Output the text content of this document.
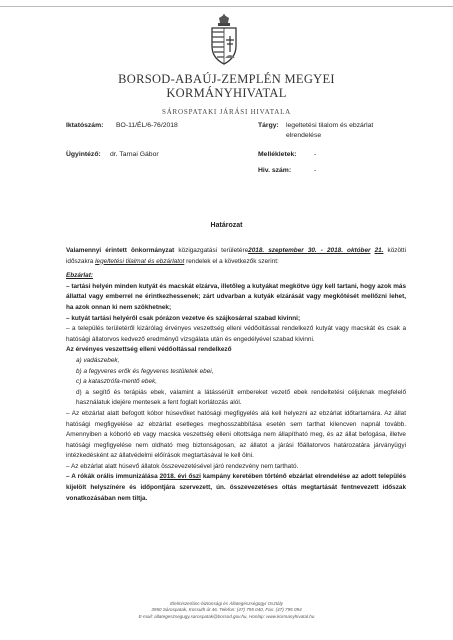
BORSOD-ABAÚJ-ZEMPLÉN MEGYEI
KORMÁNYHIVATAL
SÁROSPATAKI JÁRÁSI HIVATALA
Iktatószám: BO-11/ÉL/6-76/2018	Tárgy: legeltetési tilalom és ebzárlat
elrendelése
Ügyintéző: dr. Tarnai Gábor	Mellékletek:	-
Hiv. szám:	-
Határozat

Valamennyi érintett önkormányzat közigazgatási területére2018. szeptember 30. - 2018. október 21. közötti időszakra legeltetési tilalmat és ebzárlatot rendelek el a következők szerint:

Ebzárlat:

– tartási helyén minden kutyát és macskát elzárva, illetőleg a kutyákat megkötve úgy kell tartani, hogy azok más állattal vagy emberrel ne érintkezhessenek; zárt udvarban a kutyák elzárását vagy megkötését mellőzni lehet, ha azok onnan ki nem szökhetnek;

– kutyát tartási helyéről csak pórázon vezetve és szájkosárral szabad kivinni;

– a település területéről kizárólag érvényes veszettség elleni védőoltással rendelkező kutyát vagy macskát és csak a hatósági állatorvos kedvező eredményű vizsgálata után és engedélyével szabad kivinni.

Az érvényes veszettség elleni védőoltással rendelkező

a) vadászebek,

b) a fegyveres erők és fegyveres testületek ebei,

c) a katasztrófa-mentő ebek,

d) a segítő és terápiás ebek, valamint a látássérült embereket vezető ebek rendeltetési céljuknak megfelelő használatuk idejére mentesek a fent foglalt korlátozás alól.

– Az ebzárlat alatt befogott kóbor húsevőket hatósági megfigyelés alá kell helyezni az ebzárlat időtartamára. Az állat hatósági megfigyelése az ebzárlat esetleges meghosszabbítása esetén sem tarthat kilencven napnál tovább. Amennyiben a kóborló eb vagy macska veszettség elleni oltottsága nem állapítható meg, és az állat befogása, illetve hatósági megfigyelése nem oldható meg biztonságosan, az állatot a járási főállatorvos határozatára járványügyi intézkedésként az állatvédelmi előírások megtartásával le kell ölni.

– Az ebzárlat alatt húsevő állatok összevezetésével járó rendezvény nem tartható.

– A rókák orális immunizálása 2018. évi őszi kampány keretében történő ebzárlat elrendelése az adott település kijelölt helyszínére és időpontjára szervezett, ún. összevezetéses oltás megtartását fentnevezett időszak vonatkozásában nem tiltja.

Élelmiszerlánc-biztonsági és Állategészségügyi Osztály
3950 Sárospatak, Kossuth út 46. Telefon: (47) 795 040, Fax: (47) 795 094
E-mail: allategeszsegugy.sarospatak@borsod.gov.hu, Honlap: www.kormanyhivatal.hu
